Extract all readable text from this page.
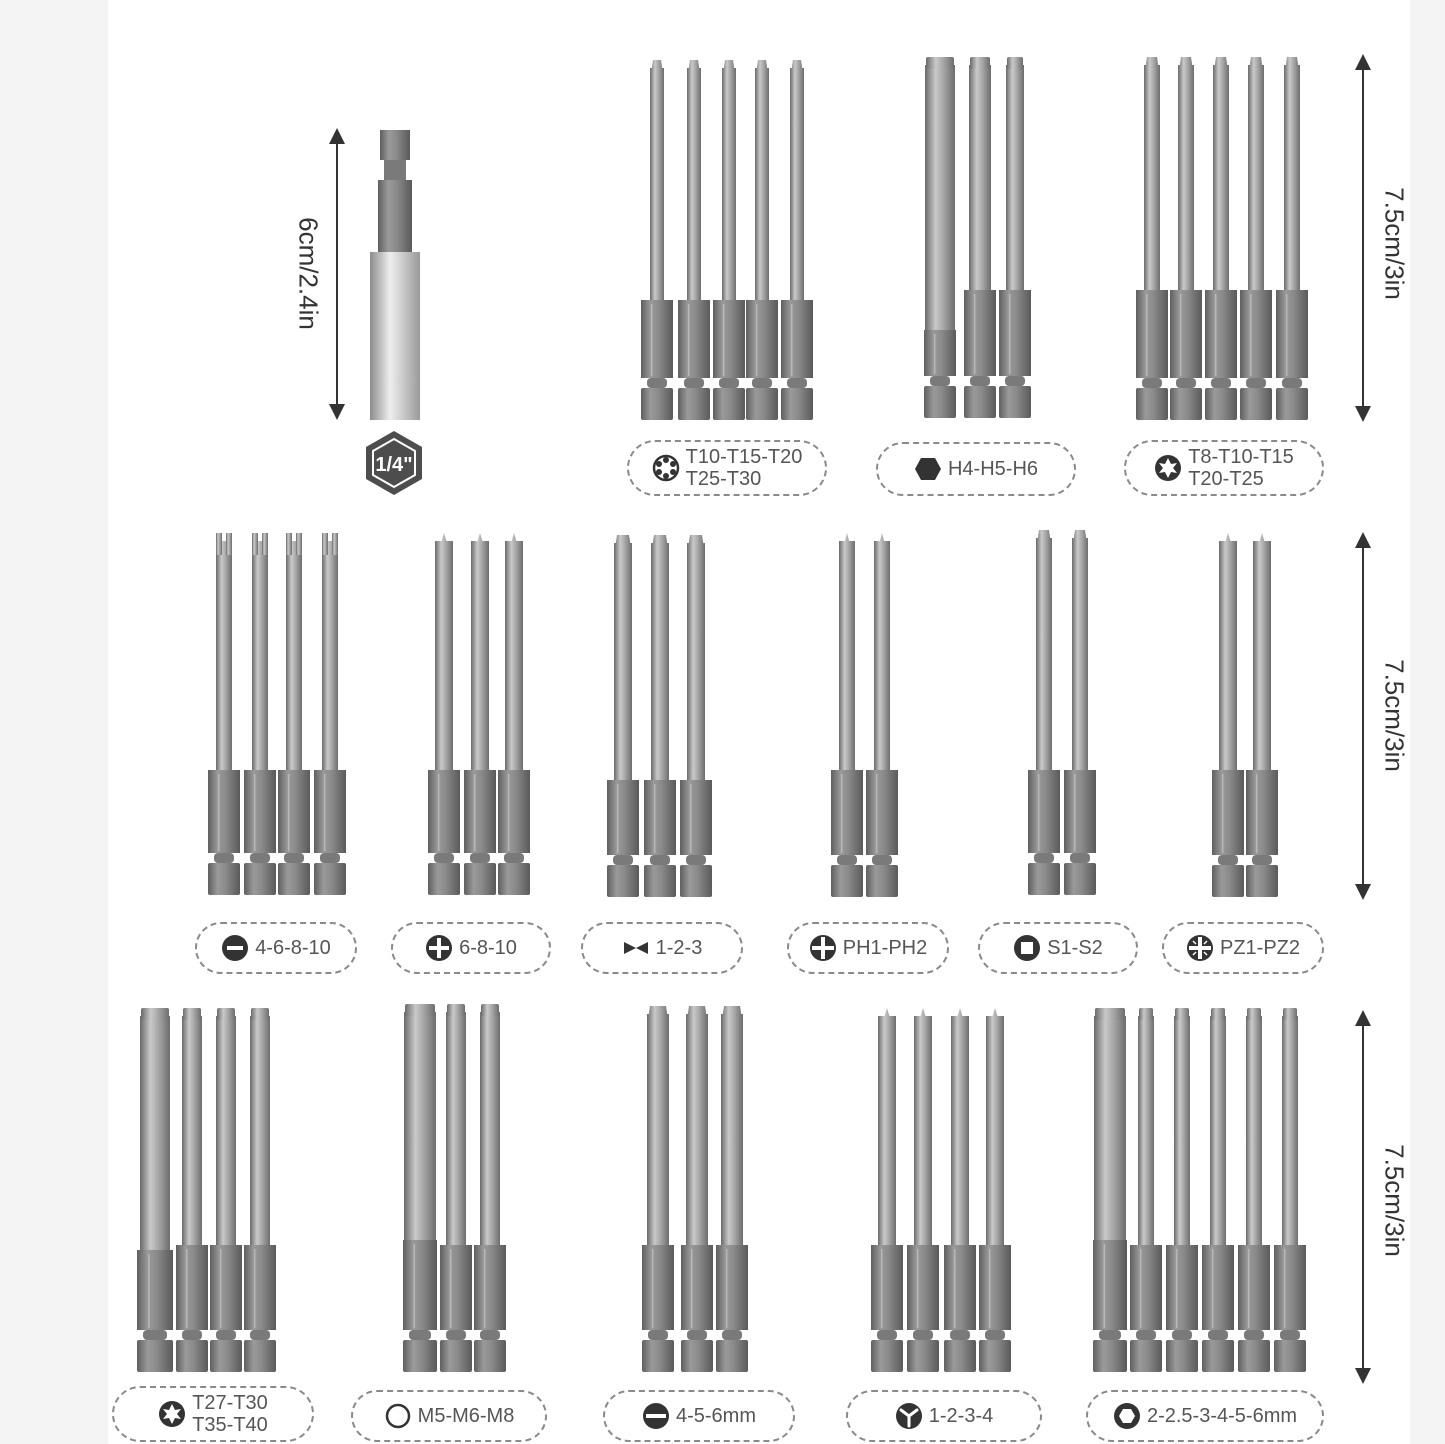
1/4"
6cm/2.4in	7.5cm/3in
7.5cm/3in
7.5cm/3in
T10-T15-T20
T25-T30	H4-H5-H6
T8-T10-T15
T20-T25
4-6-8-10	6-8-10	1-2-3	PH1-PH2	S1-S2	PZ1-PZ2
T27-T30
T35-T40	M5-M6-M8	4-5-6mm	1-2-3-4	2-2.5-3-4-5-6mm
